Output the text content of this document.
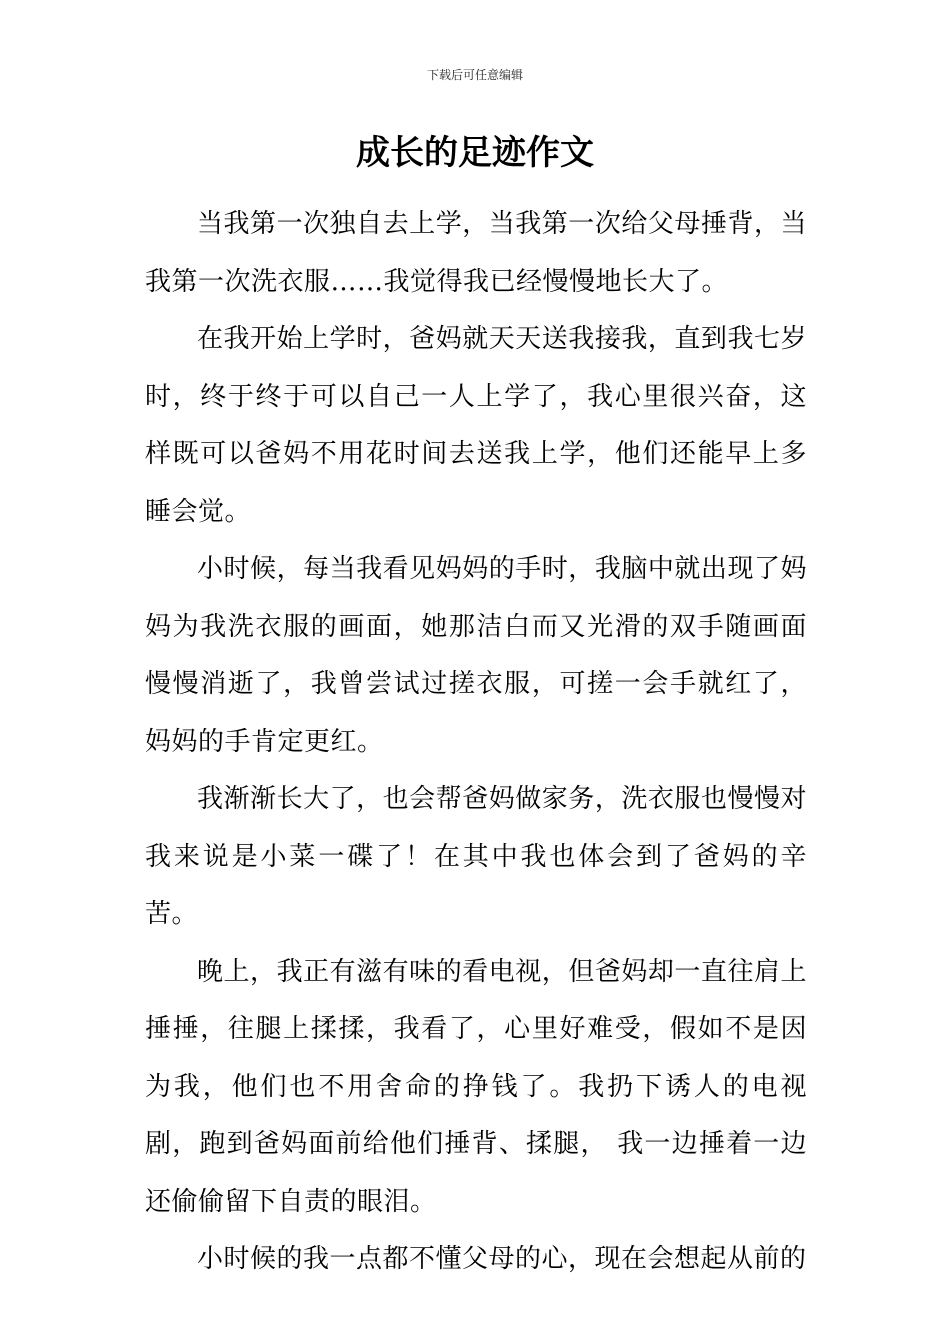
下载后可任意编辑
成长的足迹作文

当我第一次独自去上学，当我第一次给父母捶背，当我第一次洗衣服……我觉得我已经慢慢地长大了。

在我开始上学时，爸妈就天天送我接我，直到我七岁时，终于终于可以自己一人上学了，我心里很兴奋，这样既可以爸妈不用花时间去送我上学，他们还能早上多睡会觉。

小时候，每当我看见妈妈的手时，我脑中就出现了妈妈为我洗衣服的画面，她那洁白而又光滑的双手随画面慢慢消逝了，我曾尝试过搓衣服，可搓一会手就红了，妈妈的手肯定更红。

我渐渐长大了，也会帮爸妈做家务，洗衣服也慢慢对我来说是小菜一碟了！在其中我也体会到了爸妈的辛苦。

晚上，我正有滋有味的看电视，但爸妈却一直往肩上捶捶，往腿上揉揉，我看了，心里好难受，假如不是因为我，他们也不用舍命的挣钱了。我扔下诱人的电视剧，跑到爸妈面前给他们捶背、揉腿， 我一边捶着一边还偷偷留下自责的眼泪。

小时候的我一点都不懂父母的心，现在会想起从前的
